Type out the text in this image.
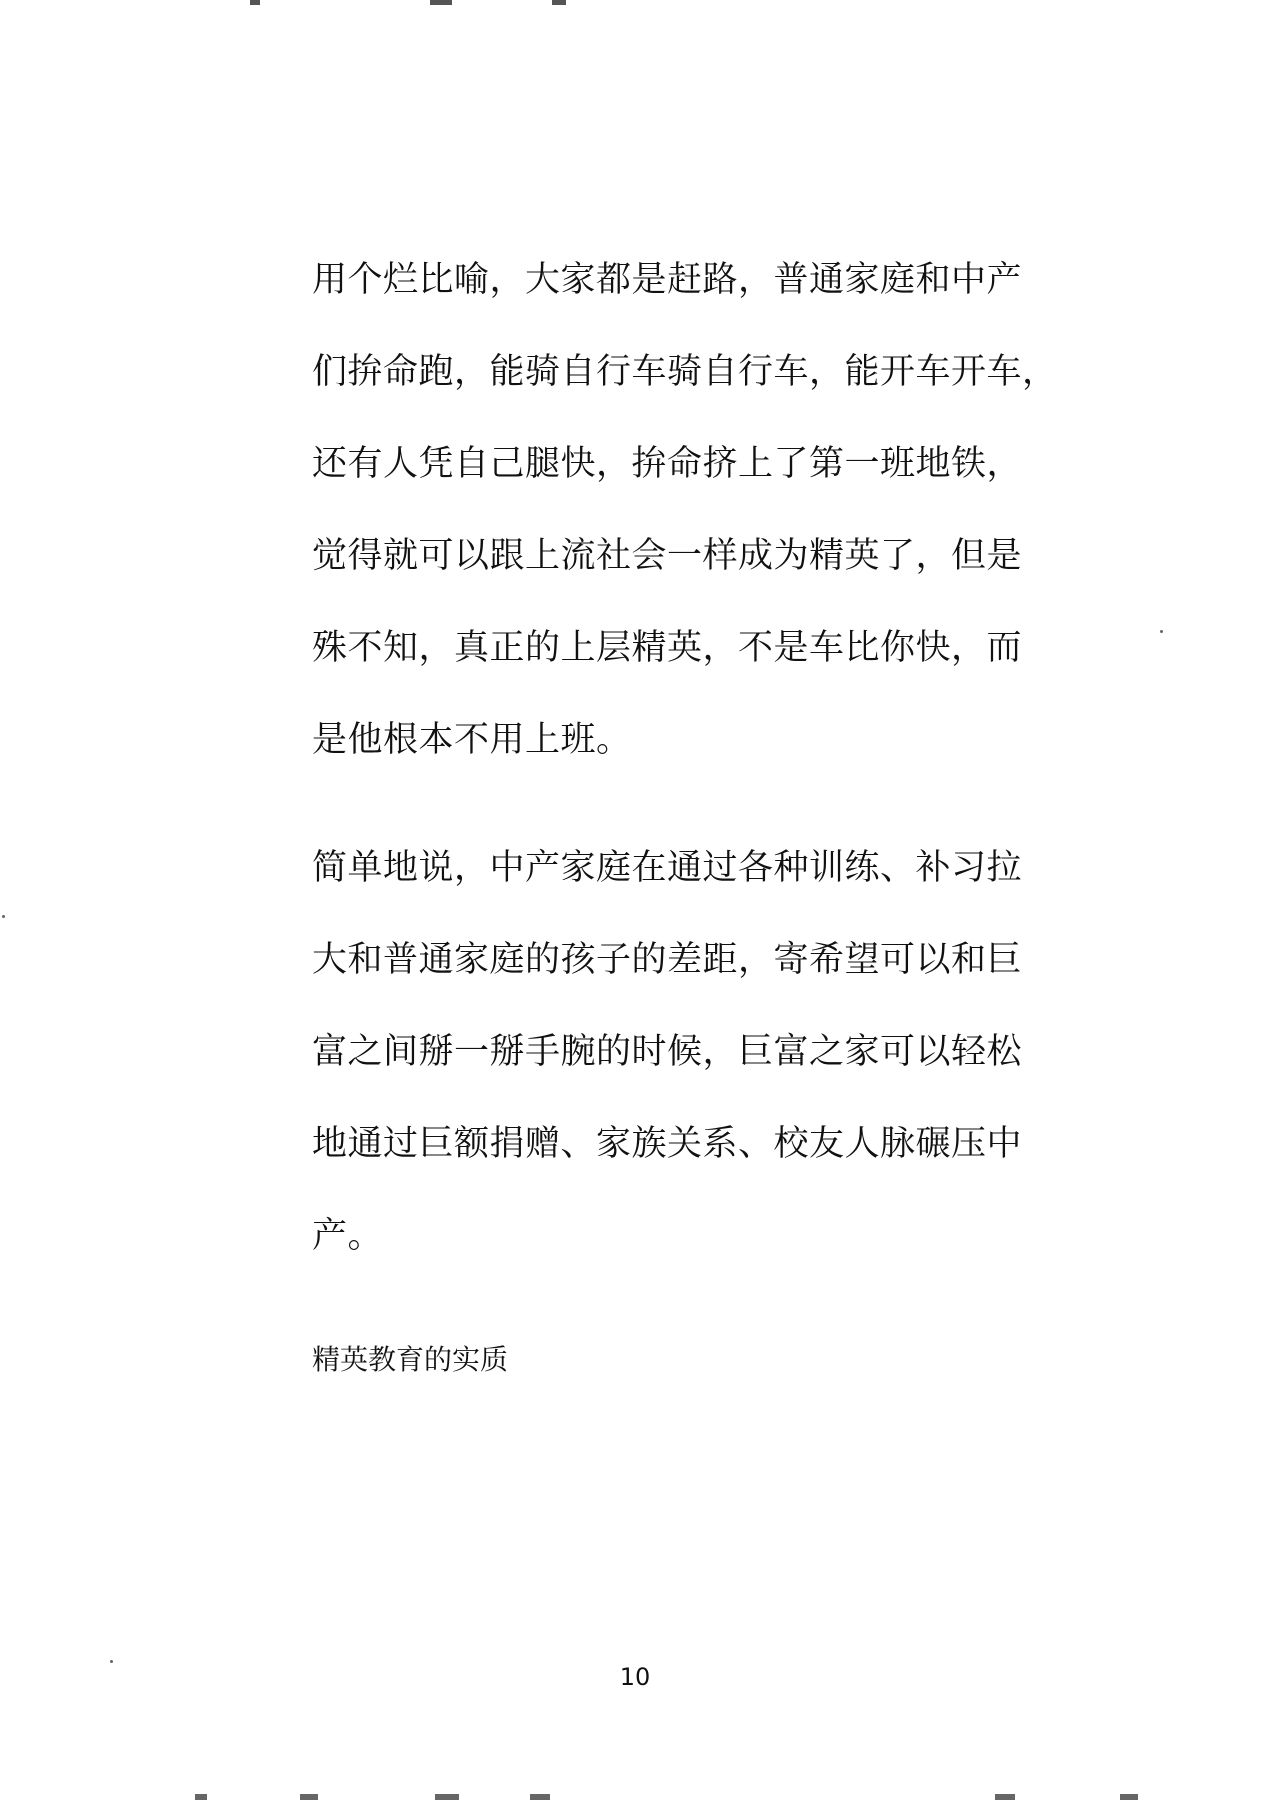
用个烂比喻，大家都是赶路，普通家庭和中产
们拚命跑，能骑自行车骑自行车，能开车开车，
还有人凭自己腿快，拚命挤上了第一班地铁，
觉得就可以跟上流社会一样成为精英了，但是
殊不知，真正的上层精英，不是车比你快，而
是他根本不用上班。
简单地说，中产家庭在通过各种训练、补习拉
大和普通家庭的孩子的差距，寄希望可以和巨
富之间掰一掰手腕的时候，巨富之家可以轻松
地通过巨额捐赠、家族关系、校友人脉碾压中
产。
精英教育的实质
10
